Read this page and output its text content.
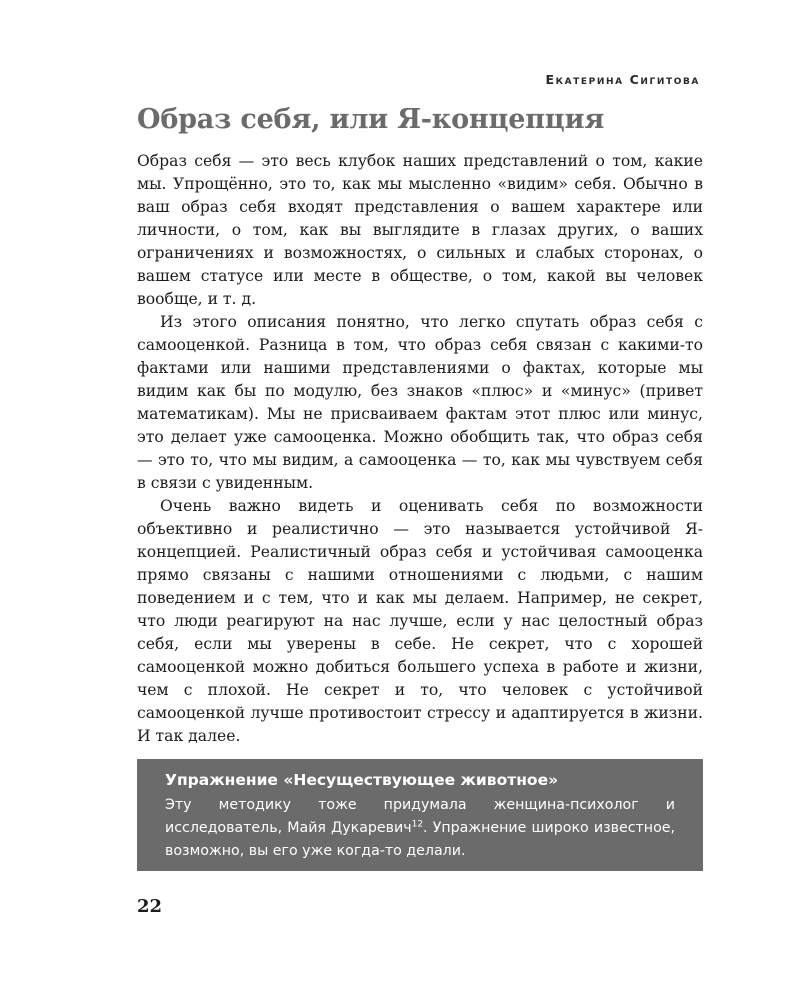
Екатерина Сигитова
Образ себя, или Я-концепция

Образ себя — это весь клубок наших представлений о том, какие мы. Упрощённо, это то, как мы мысленно «видим» себя. Обычно в ваш образ себя входят представления о вашем характере или личности, о том, как вы выглядите в глазах других, о ваших ограничениях и возможностях, о сильных и слабых сторонах, о вашем статусе или месте в обществе, о том, какой вы человек вообще, и т. д.

Из этого описания понятно, что легко спутать образ себя с самооценкой. Разница в том, что образ себя связан с какими-то фактами или нашими представлениями о фактах, которые мы видим как бы по модулю, без знаков «плюс» и «минус» (привет математикам). Мы не присваиваем фактам этот плюс или минус, это делает уже самооценка. Можно обобщить так, что образ себя — это то, что мы видим, а самооценка — то, как мы чувствуем себя в связи с увиденным.

Очень важно видеть и оценивать себя по возможности объективно и реалистично — это называется устойчивой Я-концепцией. Реалистичный образ себя и устойчивая самооценка прямо связаны с нашими отношениями с людьми, с нашим поведением и с тем, что и как мы делаем. Например, не секрет, что люди реагируют на нас лучше, если у нас целостный образ себя, если мы уверены в себе. Не секрет, что с хорошей самооценкой можно добиться большего успеха в работе и жизни, чем с плохой. Не секрет и то, что человек с устойчивой самооценкой лучше противостоит стрессу и адаптируется в жизни. И так далее.

Упражнение «Несуществующее животное»

Эту методику тоже придумала женщина-психолог и исследователь, Майя Дукаревич$^{12}$. Упражнение широко известное, возможно, вы его уже когда-то делали.

22
